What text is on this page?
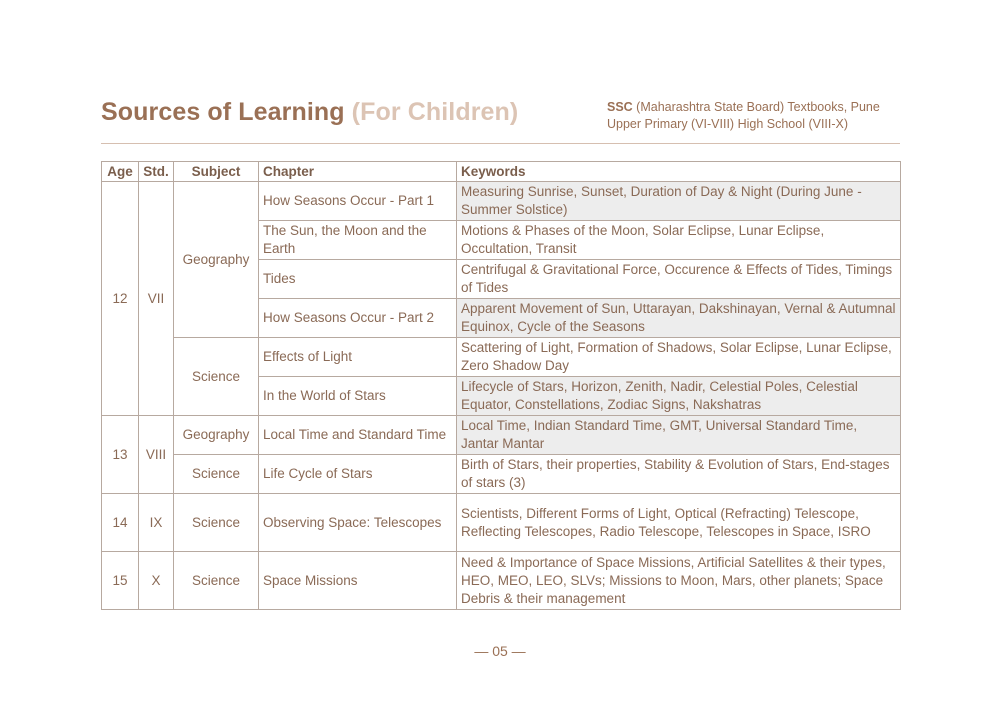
Sources of Learning (For Children)	SSC (Maharashtra State Board) Textbooks, Pune
Upper Primary (VI-VIII) High School (VIII-X)
Age	Std.	Subject	Chapter	Keywords
12	VII	Geography	How Seasons Occur - Part 1	Measuring Sunrise, Sunset, Duration of Day & Night (During June - Summer Solstice)
			The Sun, the Moon and the Earth	Motions & Phases of the Moon, Solar Eclipse, Lunar Eclipse, Occultation, Transit
			Tides	Centrifugal & Gravitational Force, Occurence & Effects of Tides, Timings of Tides
			How Seasons Occur - Part 2	Apparent Movement of Sun, Uttarayan, Dakshinayan, Vernal & Autumnal Equinox, Cycle of the Seasons
		Science	Effects of Light	Scattering of Light, Formation of Shadows, Solar Eclipse, Lunar Eclipse, Zero Shadow Day
			In the World of Stars	Lifecycle of Stars, Horizon, Zenith, Nadir, Celestial Poles, Celestial Equator, Constellations, Zodiac Signs, Nakshatras
13	VIII	Geography	Local Time and Standard Time	Local Time, Indian Standard Time, GMT, Universal Standard Time, Jantar Mantar
		Science	Life Cycle of Stars	Birth of Stars, their properties, Stability & Evolution of Stars, End-stages of stars (3)
14	IX	Science	Observing Space: Telescopes	Scientists, Different Forms of Light, Optical (Refracting) Telescope, Reflecting Telescopes, Radio Telescope, Telescopes in Space, ISRO
15	X	Science	Space Missions	Need & Importance of Space Missions, Artificial Satellites & their types, HEO, MEO, LEO, SLVs; Missions to Moon, Mars, other planets; Space Debris & their management
— 05 —
